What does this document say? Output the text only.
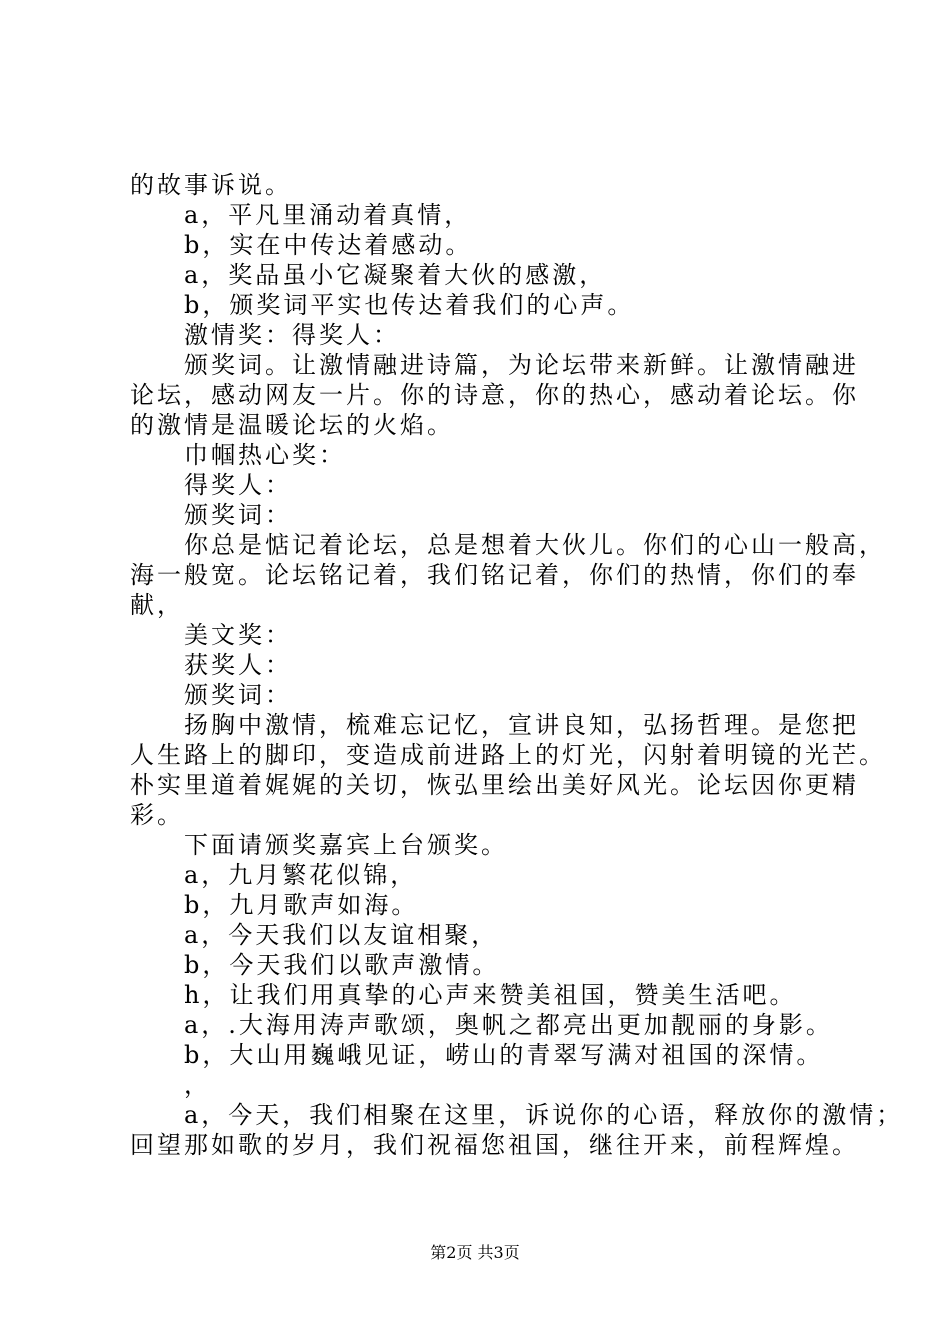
的故事诉说。
　　a，平凡里涌动着真情，
　　b，实在中传达着感动。
　　a，奖品虽小它凝聚着大伙的感激，
　　b，颁奖词平实也传达着我们的心声。
　　激情奖：得奖人：
　　颁奖词。让激情融进诗篇，为论坛带来新鲜。让激情融进
论坛，感动网友一片。你的诗意，你的热心，感动着论坛。你
的激情是温暖论坛的火焰。
　　巾帼热心奖：
　　得奖人：
　　颁奖词：
　　你总是惦记着论坛，总是想着大伙儿。你们的心山一般高，
海一般宽。论坛铭记着，我们铭记着，你们的热情，你们的奉
献，
　　美文奖：
　　获奖人：
　　颁奖词：
　　扬胸中激情，梳难忘记忆，宣讲良知，弘扬哲理。是您把
人生路上的脚印，变造成前进路上的灯光，闪射着明镜的光芒。
朴实里道着娓娓的关切，恢弘里绘出美好风光。论坛因你更精
彩。
　　下面请颁奖嘉宾上台颁奖。
　　a，九月繁花似锦，
　　b，九月歌声如海。
　　a，今天我们以友谊相聚，
　　b，今天我们以歌声激情。
　　h，让我们用真挚的心声来赞美祖国，赞美生活吧。
　　a，.大海用涛声歌颂，奥帆之都亮出更加靓丽的身影。
　　b，大山用巍峨见证，崂山的青翠写满对祖国的深情。
　　，
　　a，今天，我们相聚在这里，诉说你的心语，释放你的激情；
回望那如歌的岁月，我们祝福您祖国，继往开来，前程辉煌。
第2页 共3页
